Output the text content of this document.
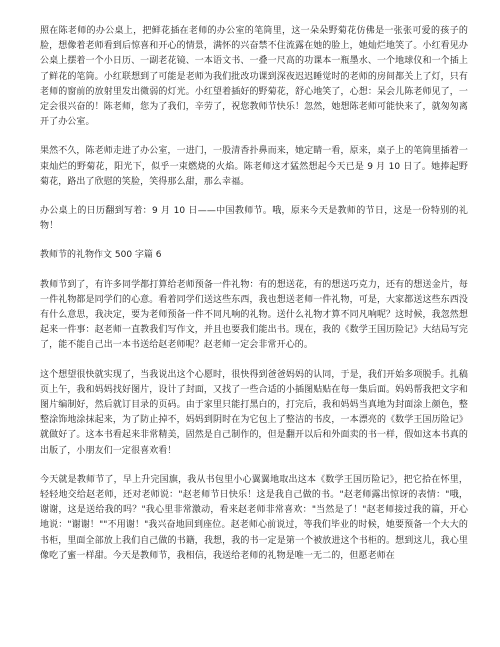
照在陈老师的办公桌上，把鲜花插在老师的办公室的笔筒里，这一朵朵野菊花仿佛是一张张可爱的孩子的脸，想像着老师看到后惊喜和开心的情景，满怀的兴奋禁不住流露在她的脸上，她灿烂地笑了。小红看见办公桌上摆着一个小日历、一副老花镜、一本语文书、一叠一尺高的功课本一瓶墨水、一个地球仪和一个插上了鲜花的笔筒。小红联想到了可能是老师为我们批改功课到深夜迟迟睡觉时的老师的房间都关上了灯，只有老师的窗前的放射里发出微弱的灯光。小红望着插好的野菊花，舒心地笑了，心想：呆会儿陈老师见了，一定会很兴奋的！陈老师，您为了我们，辛劳了，祝您教师节快乐！忽然，她想陈老师可能快来了，就匆匆离开了办公室。

果然不久，陈老师走进了办公室，一进门，一股清香扑鼻而来，她定睛一看，原来，桌子上的笔筒里插着一束灿烂的野菊花，阳光下，似乎一束燃烧的火焰。陈老师这才猛然想起今天已是 9 月 10 日了。她捧起野菊花，路出了欣慰的笑脸，笑得那么甜，那么幸福。

办公桌上的日历翻到写着：9 月 10 日——中国教师节。哦，原来今天是教师的节日，这是一份特别的礼物！

教师节的礼物作文 500 字篇 6

教师节到了，有许多同学都打算给老师预备一件礼物：有的想送花，有的想送巧克力，还有的想送金片，每一件礼物都是同学们的心意。看着同学们送这些东西，我也想送老师一件礼物，可是，大家都送这些东西没有什么意思，我决定，要为老师预备一件不同凡响的礼物。送什么礼物才算不同凡响呢？这时候，我忽然想起来一件事：赵老师一直教我们写作文，并且也要我们能出书。现在，我的《数学王国历险记》大结局写完了，能不能自己出一本书送给赵老师呢？赵老师一定会非常开心的。

这个想望很快就实现了，当我说出这个心愿时，很快得到爸爸妈妈的认同，于是，我们开始多项脱手。扎稿页上午，我和妈妈找好图片，设计了封面，又找了一些合适的小插图贴贴在每一集后面。妈妈帮我把文字和图片编制好，然后就订目录的页码。由于家里只能打黑白的，打完后，我和妈妈当真地为封面涂上颜色，整整涂饰地涂抹起来，为了防止掉不，妈妈到阴时在为它包上了整洁的书皮，一本漂亮的《数学王国历险记》就做好了。这本书看起来非常精美，固然是自己制作的，但是翻开以后和外面卖的书一样，假如这本书真的出版了，小朋友们一定很喜欢看！

今天就是教师节了，早上升完国旗，我从书包里小心翼翼地取出这本《数学王国历险记》，把它拾在怀里，轻轻地交给赵老师，还对老师说："赵老师节日快乐！这是我自己做的书。"赵老师露出惊讶的表情："哦，谢谢，这是送给我的吗？"我心里非常激动，看来赵老师非常喜欢："当然是了！"赵老师接过我的篇，开心地说："谢谢！""不用谢！"我兴奋地回到座位。赵老师心前说过，等我们毕业的时候，她要预备一个大大的书柜，里面全部放上我们自己做的书籍，我想，我的书一定是第一个被放进这个书柜的。想到这儿，我心里像吃了蜜一样甜。今天是教师节，我相信，我送给老师的礼物是唯一无二的，但愿老师在
